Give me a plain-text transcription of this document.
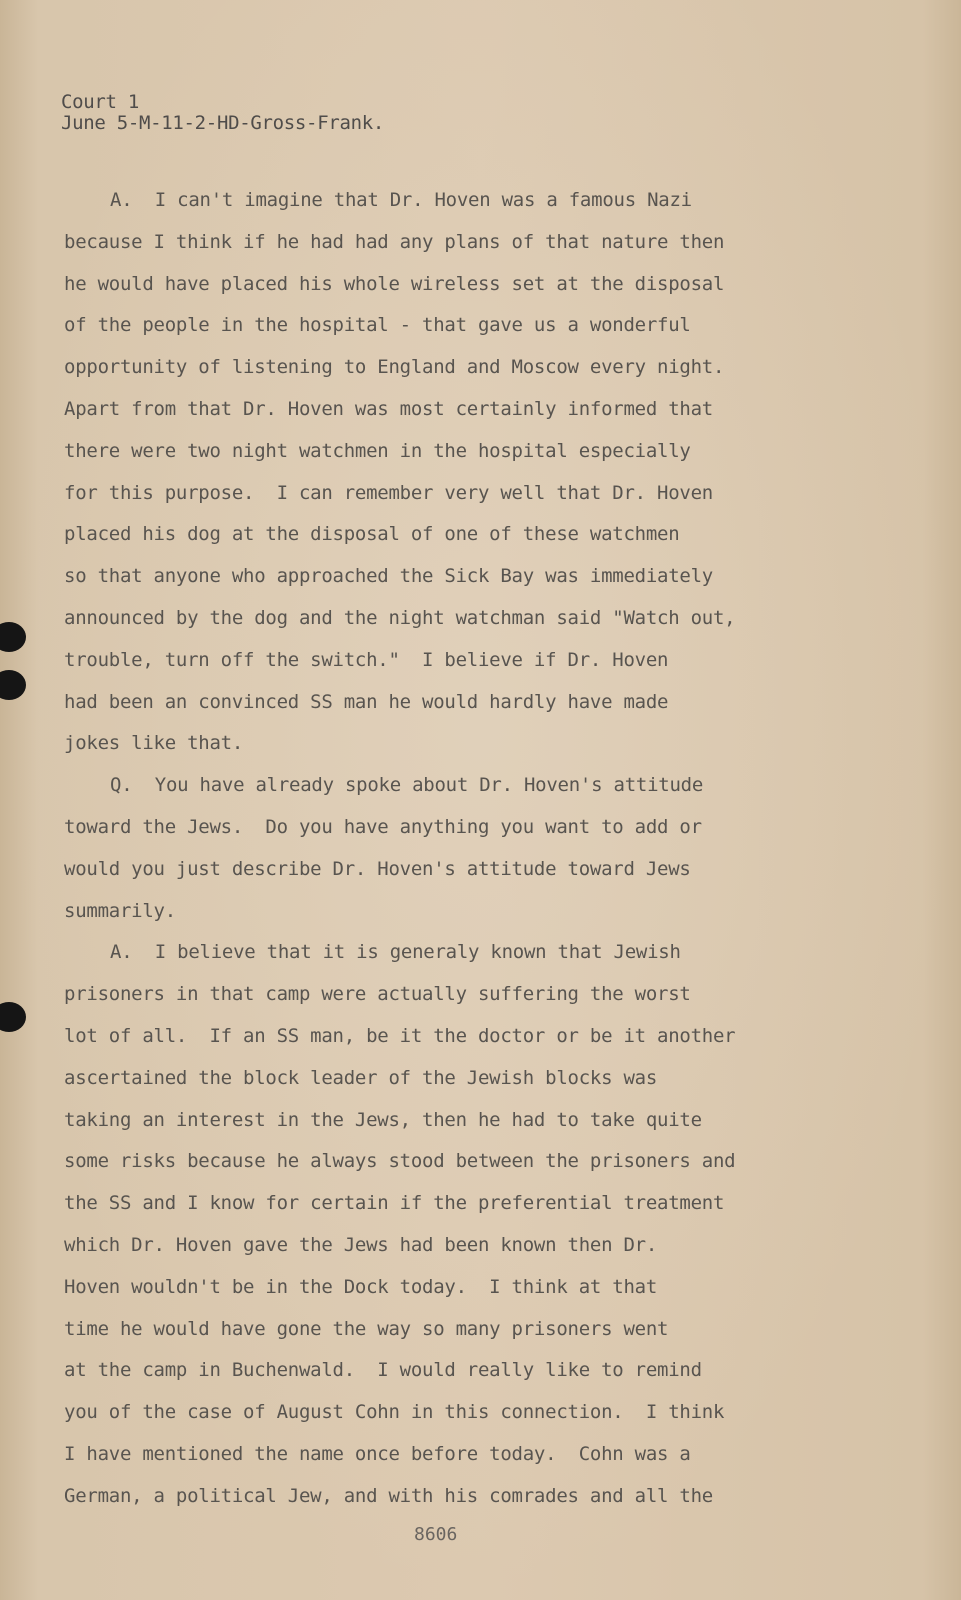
Court 1
June 5-M-11-2-HD-Gross-Frank.
A.  I can't imagine that Dr. Hoven was a famous Nazi
because I think if he had had any plans of that nature then
he would have placed his whole wireless set at the disposal
of the people in the hospital - that gave us a wonderful
opportunity of listening to England and Moscow every night.
Apart from that Dr. Hoven was most certainly informed that
there were two night watchmen in the hospital especially
for this purpose.  I can remember very well that Dr. Hoven
placed his dog at the disposal of one of these watchmen
so that anyone who approached the Sick Bay was immediately
announced by the dog and the night watchman said "Watch out,
trouble, turn off the switch."  I believe if Dr. Hoven
had been an convinced SS man he would hardly have made
jokes like that.
Q.  You have already spoke about Dr. Hoven's attitude
toward the Jews.  Do you have anything you want to add or
would you just describe Dr. Hoven's attitude toward Jews
summarily.
A.  I believe that it is generaly known that Jewish
prisoners in that camp were actually suffering the worst
lot of all.  If an SS man, be it the doctor or be it another
ascertained the block leader of the Jewish blocks was
taking an interest in the Jews, then he had to take quite
some risks because he always stood between the prisoners and
the SS and I know for certain if the preferential treatment
which Dr. Hoven gave the Jews had been known then Dr.
Hoven wouldn't be in the Dock today.  I think at that
time he would have gone the way so many prisoners went
at the camp in Buchenwald.  I would really like to remind
you of the case of August Cohn in this connection.  I think
I have mentioned the name once before today.  Cohn was a
German, a political Jew, and with his comrades and all the
8606
